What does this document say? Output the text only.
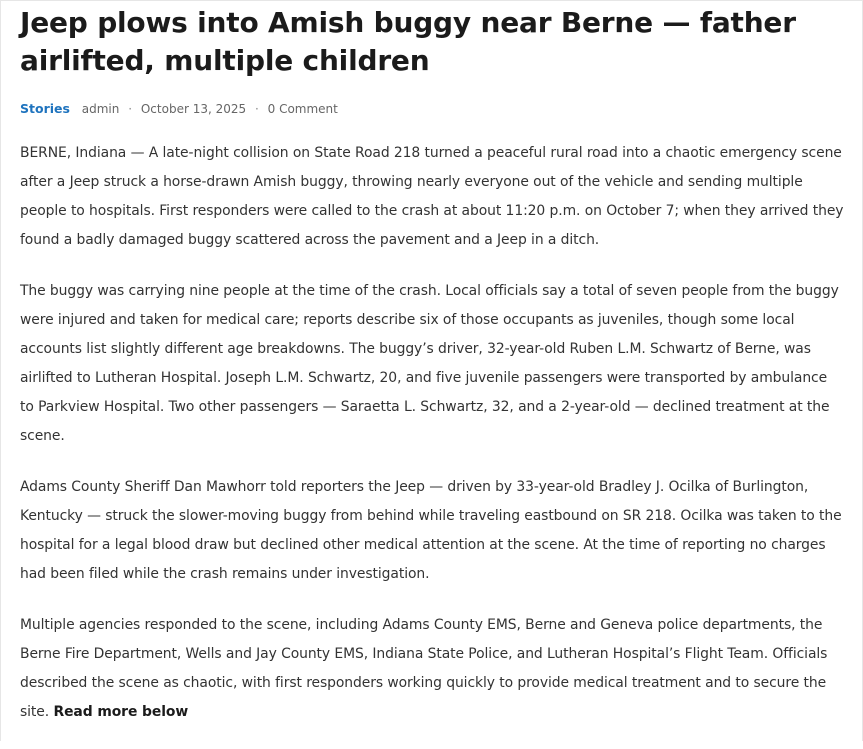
Jeep plows into Amish buggy near Berne — father airlifted, multiple children
Stories admin · October 13, 2025 · 0 Comment

BERNE, Indiana — A late-night collision on State Road 218 turned a peaceful rural road into a chaotic emergency scene after a Jeep struck a horse-drawn Amish buggy, throwing nearly everyone out of the vehicle and sending multiple people to hospitals. First responders were called to the crash at about 11:20 p.m. on October 7; when they arrived they found a badly damaged buggy scattered across the pavement and a Jeep in a ditch.

The buggy was carrying nine people at the time of the crash. Local officials say a total of seven people from the buggy were injured and taken for medical care; reports describe six of those occupants as juveniles, though some local accounts list slightly different age breakdowns. The buggy’s driver, 32-year-old Ruben L.M. Schwartz of Berne, was airlifted to Lutheran Hospital. Joseph L.M. Schwartz, 20, and five juvenile passengers were transported by ambulance to Parkview Hospital. Two other passengers — Saraetta L. Schwartz, 32, and a 2-year-old — declined treatment at the scene.

Adams County Sheriff Dan Mawhorr told reporters the Jeep — driven by 33-year-old Bradley J. Ocilka of Burlington, Kentucky — struck the slower-moving buggy from behind while traveling eastbound on SR 218. Ocilka was taken to the hospital for a legal blood draw but declined other medical attention at the scene. At the time of reporting no charges had been filed while the crash remains under investigation.

Multiple agencies responded to the scene, including Adams County EMS, Berne and Geneva police departments, the Berne Fire Department, Wells and Jay County EMS, Indiana State Police, and Lutheran Hospital’s Flight Team. Officials described the scene as chaotic, with first responders working quickly to provide medical treatment and to secure the site. Read more below
